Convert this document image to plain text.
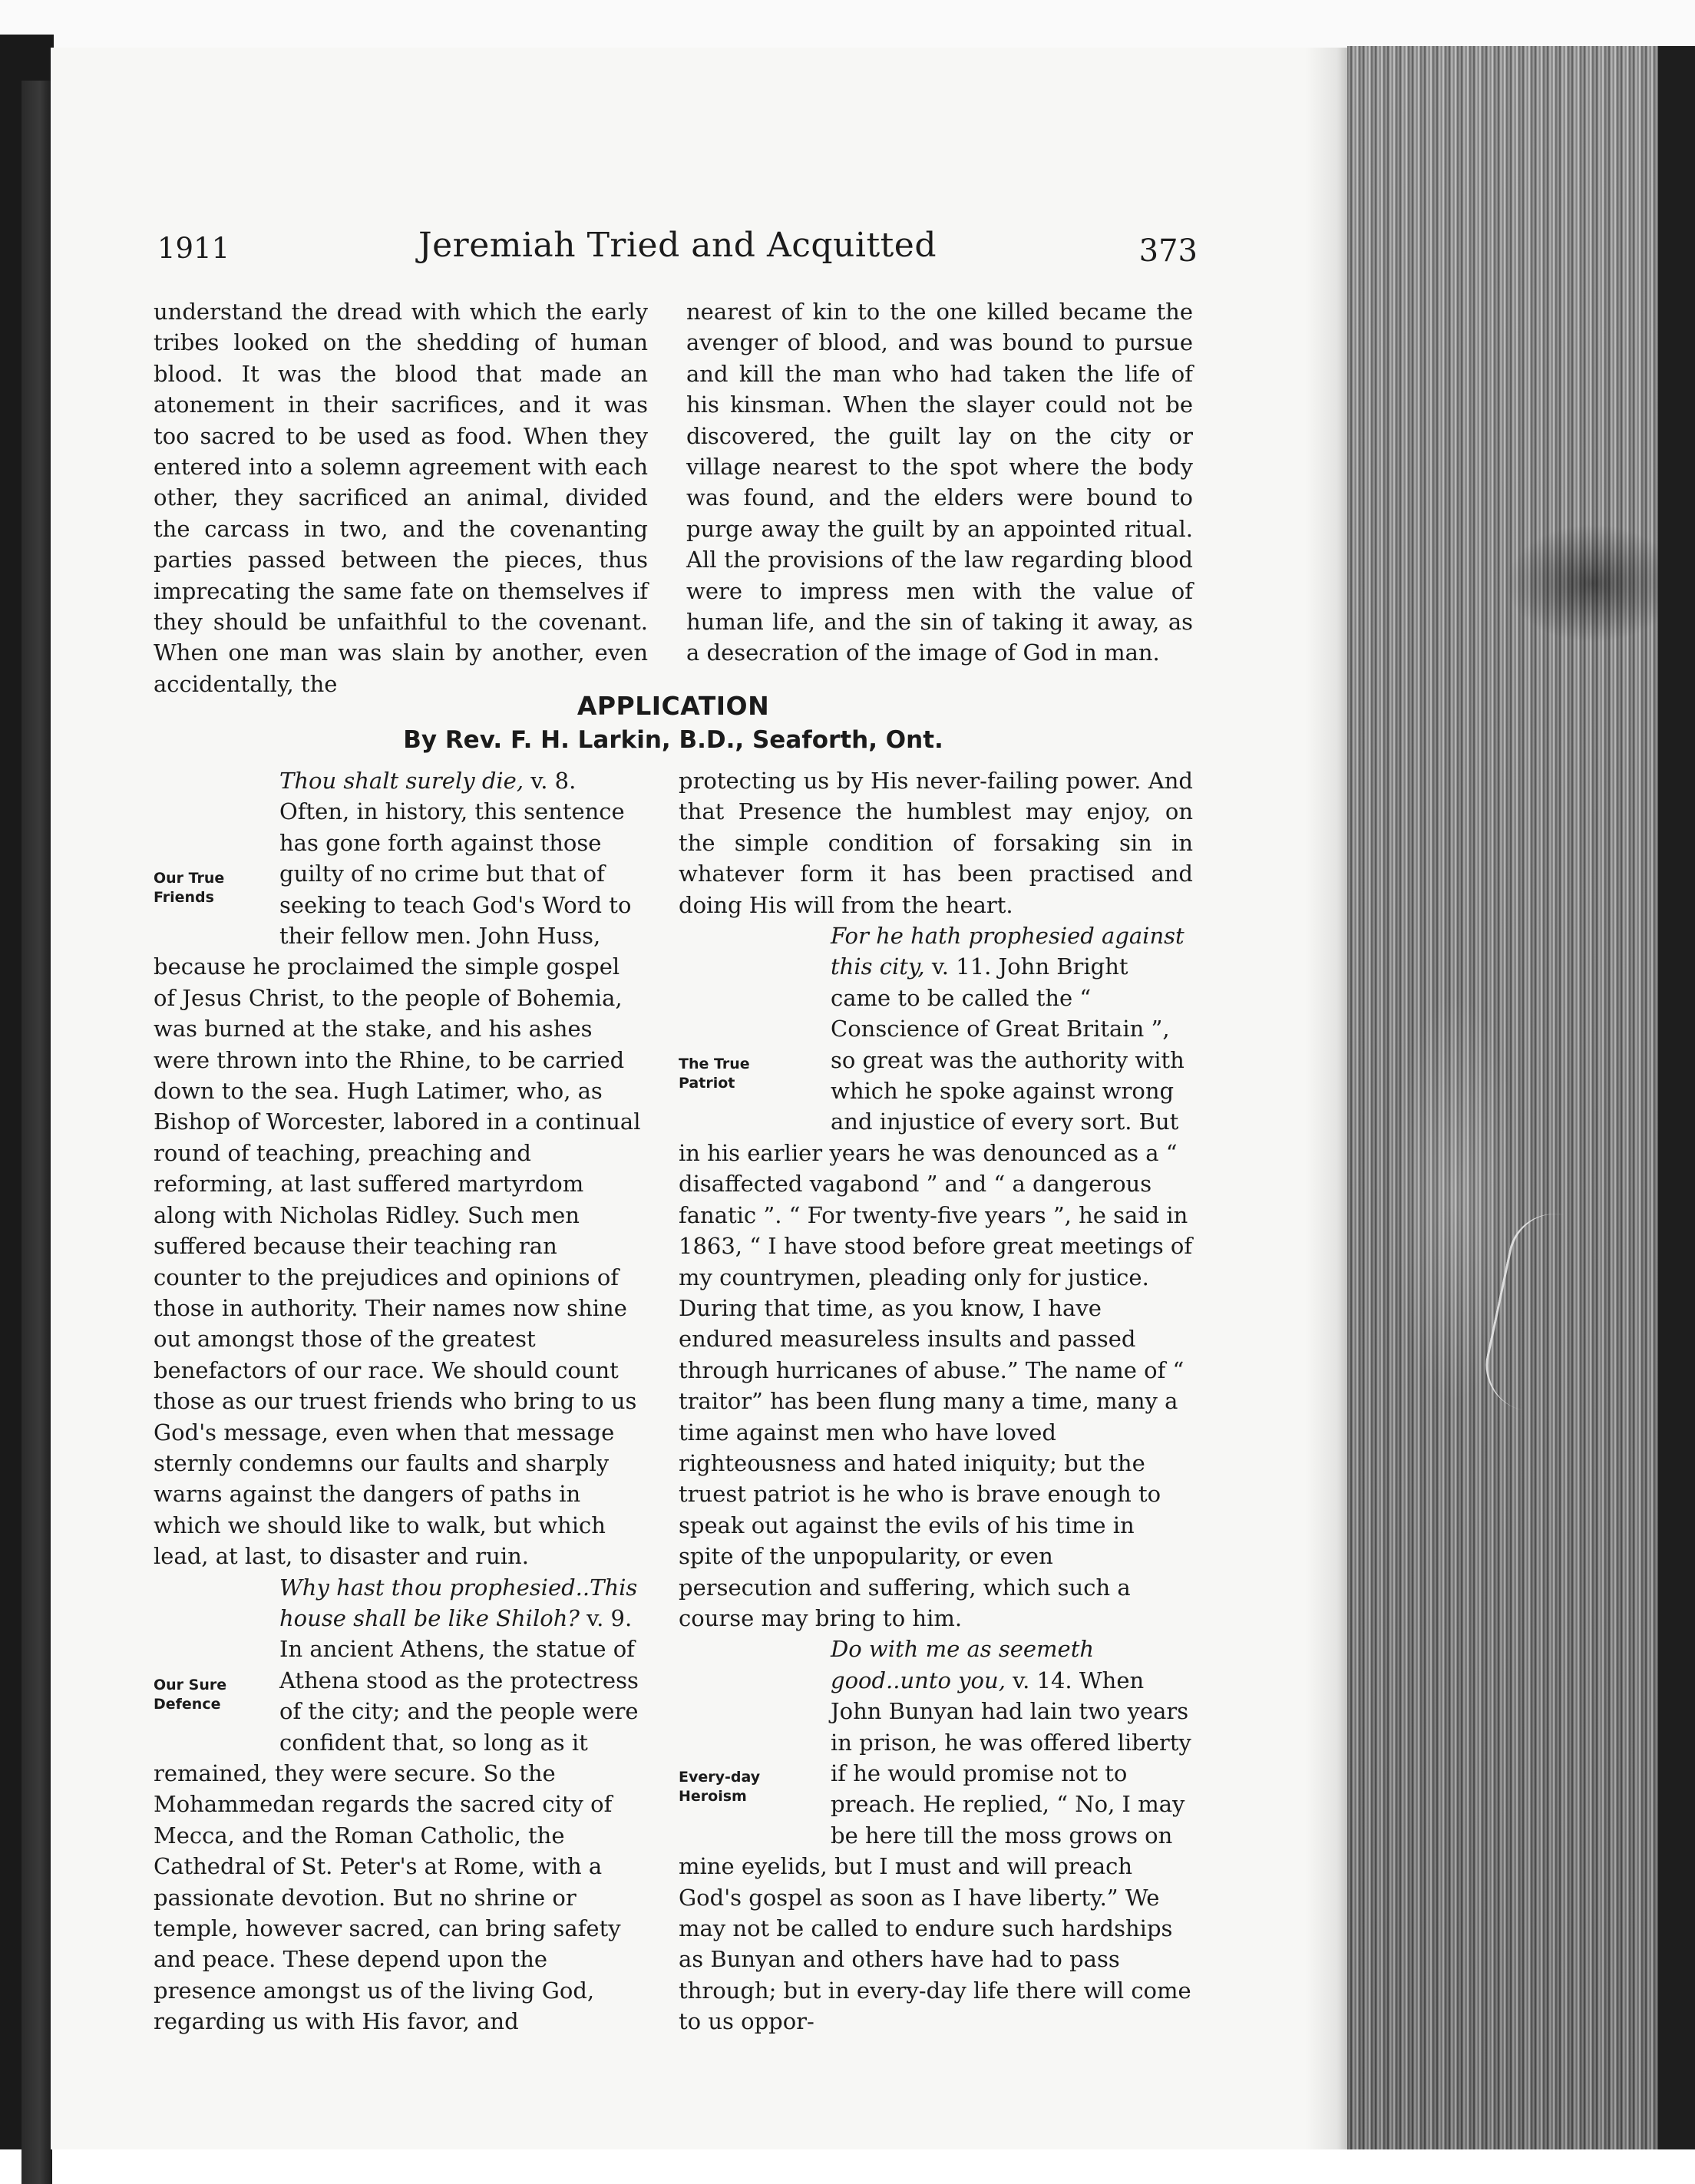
1911	Jeremiah Tried and Acquitted	373

understand the dread with which the early tribes looked on the shedding of human blood. It was the blood that made an atonement in their sacrifices, and it was too sacred to be used as food. When they entered into a solemn agreement with each other, they sacrificed an animal, divided the carcass in two, and the covenanting parties passed between the pieces, thus imprecating the same fate on themselves if they should be unfaithful to the covenant. When one man was slain by another, even accidentally, the

nearest of kin to the one killed became the avenger of blood, and was bound to pursue and kill the man who had taken the life of his kinsman. When the slayer could not be discovered, the guilt lay on the city or village nearest to the spot where the body was found, and the elders were bound to purge away the guilt by an appointed ritual. All the provisions of the law regarding blood were to impress men with the value of human life, and the sin of taking it away, as a desecration of the image of God in man.

APPLICATION
By Rev. F. H. Larkin, B.D., Seaforth, Ont.

Our True
Friends
Thou shalt surely die, v. 8. Often, in history, this sentence has gone forth against those guilty of no crime but that of seeking to teach God's Word to their fellow men. John Huss, because he proclaimed the simple gospel of Jesus Christ, to the people of Bohemia, was burned at the stake, and his ashes were thrown into the Rhine, to be carried down to the sea. Hugh Latimer, who, as Bishop of Worcester, labored in a continual round of teaching, preaching and reforming, at last suffered martyrdom along with Nicholas Ridley. Such men suffered because their teaching ran counter to the prejudices and opinions of those in authority. Their names now shine out amongst those of the greatest benefactors of our race. We should count those as our truest friends who bring to us God's message, even when that message sternly condemns our faults and sharply warns against the dangers of paths in which we should like to walk, but which lead, at last, to disaster and ruin.

Our Sure
Defence
Why hast thou prophesied..This house shall be like Shiloh? v. 9. In ancient Athens, the statue of Athena stood as the protectress of the city; and the people were confident that, so long as it remained, they were secure. So the Mohammedan regards the sacred city of Mecca, and the Roman Catholic, the Cathedral of St. Peter's at Rome, with a passionate devotion. But no shrine or temple, however sacred, can bring safety and peace. These depend upon the presence amongst us of the living God, regarding us with His favor, and

protecting us by His never-failing power. And that Presence the humblest may enjoy, on the simple condition of forsaking sin in whatever form it has been practised and doing His will from the heart.

The True
Patriot
For he hath prophesied against this city, v. 11. John Bright came to be called the “ Conscience of Great Britain ”, so great was the authority with which he spoke against wrong and injustice of every sort. But in his earlier years he was denounced as a “ disaffected vagabond ” and “ a dangerous fanatic ”. “ For twenty-five years ”, he said in 1863, “ I have stood before great meetings of my countrymen, pleading only for justice. During that time, as you know, I have endured measureless insults and passed through hurricanes of abuse.” The name of “ traitor” has been flung many a time, many a time against men who have loved righteousness and hated iniquity; but the truest patriot is he who is brave enough to speak out against the evils of his time in spite of the unpopularity, or even persecution and suffering, which such a course may bring to him.

Every-day
Heroism
Do with me as seemeth good..unto you, v. 14. When John Bunyan had lain two years in prison, he was offered liberty if he would promise not to preach. He replied, “ No, I may be here till the moss grows on mine eyelids, but I must and will preach God's gospel as soon as I have liberty.” We may not be called to endure such hardships as Bunyan and others have had to pass through; but in every-day life there will come to us oppor-
